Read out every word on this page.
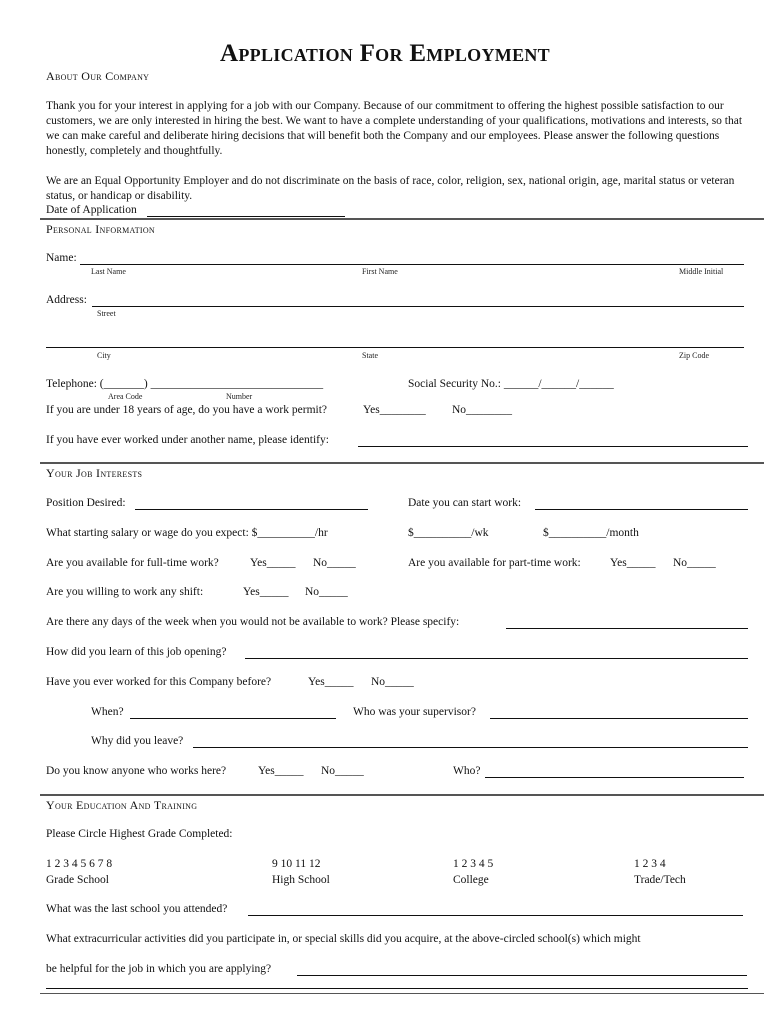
Application For Employment
About Our Company
Thank you for your interest in applying for a job with our Company. Because of our commitment to offering the highest possible satisfaction to our customers, we are only interested in hiring the best. We want to have a complete understanding of your qualifications, motivations and interests, so that we can make careful and deliberate hiring decisions that will benefit both the Company and our employees. Please answer the following questions honestly, completely and thoughtfully.
We are an Equal Opportunity Employer and do not discriminate on the basis of race, color, religion, sex, national origin, age, marital status or veteran status, or handicap or disability.
Date of Application
Personal Information
Name:
Last Name	First Name	Middle Initial
Address:
Street
City	State	Zip Code
Telephone: (_______) ______________________________
Area Code	Number
Social Security No.: ______/______/______
If you are under 18 years of age, do you have a work permit?	Yes________ No________
If you have ever worked under another name, please identify:
Your Job Interests
Position Desired:	Date you can start work:
What starting salary or wage do you expect: $__________/hr	$__________/wk	$__________/month
Are you available for full-time work?	Yes_____ No_____	Are you available for part-time work:	Yes_____ No_____
Are you willing to work any shift:	Yes_____ No_____
Are there any days of the week when you would not be available to work? Please specify:
How did you learn of this job opening?
Have you ever worked for this Company before?	Yes_____ No_____
When?	Who was your supervisor?
Why did you leave?
Do you know anyone who works here?	Yes_____ No_____	Who?
Your Education And Training
Please Circle Highest Grade Completed:
1 2 3 4 5 6 7 8
Grade School
9 10 11 12
High School
1 2 3 4 5
College
1 2 3 4
Trade/Tech
What was the last school you attended?
What extracurricular activities did you participate in, or special skills did you acquire, at the above-circled school(s) which might
be helpful for the job in which you are applying?
